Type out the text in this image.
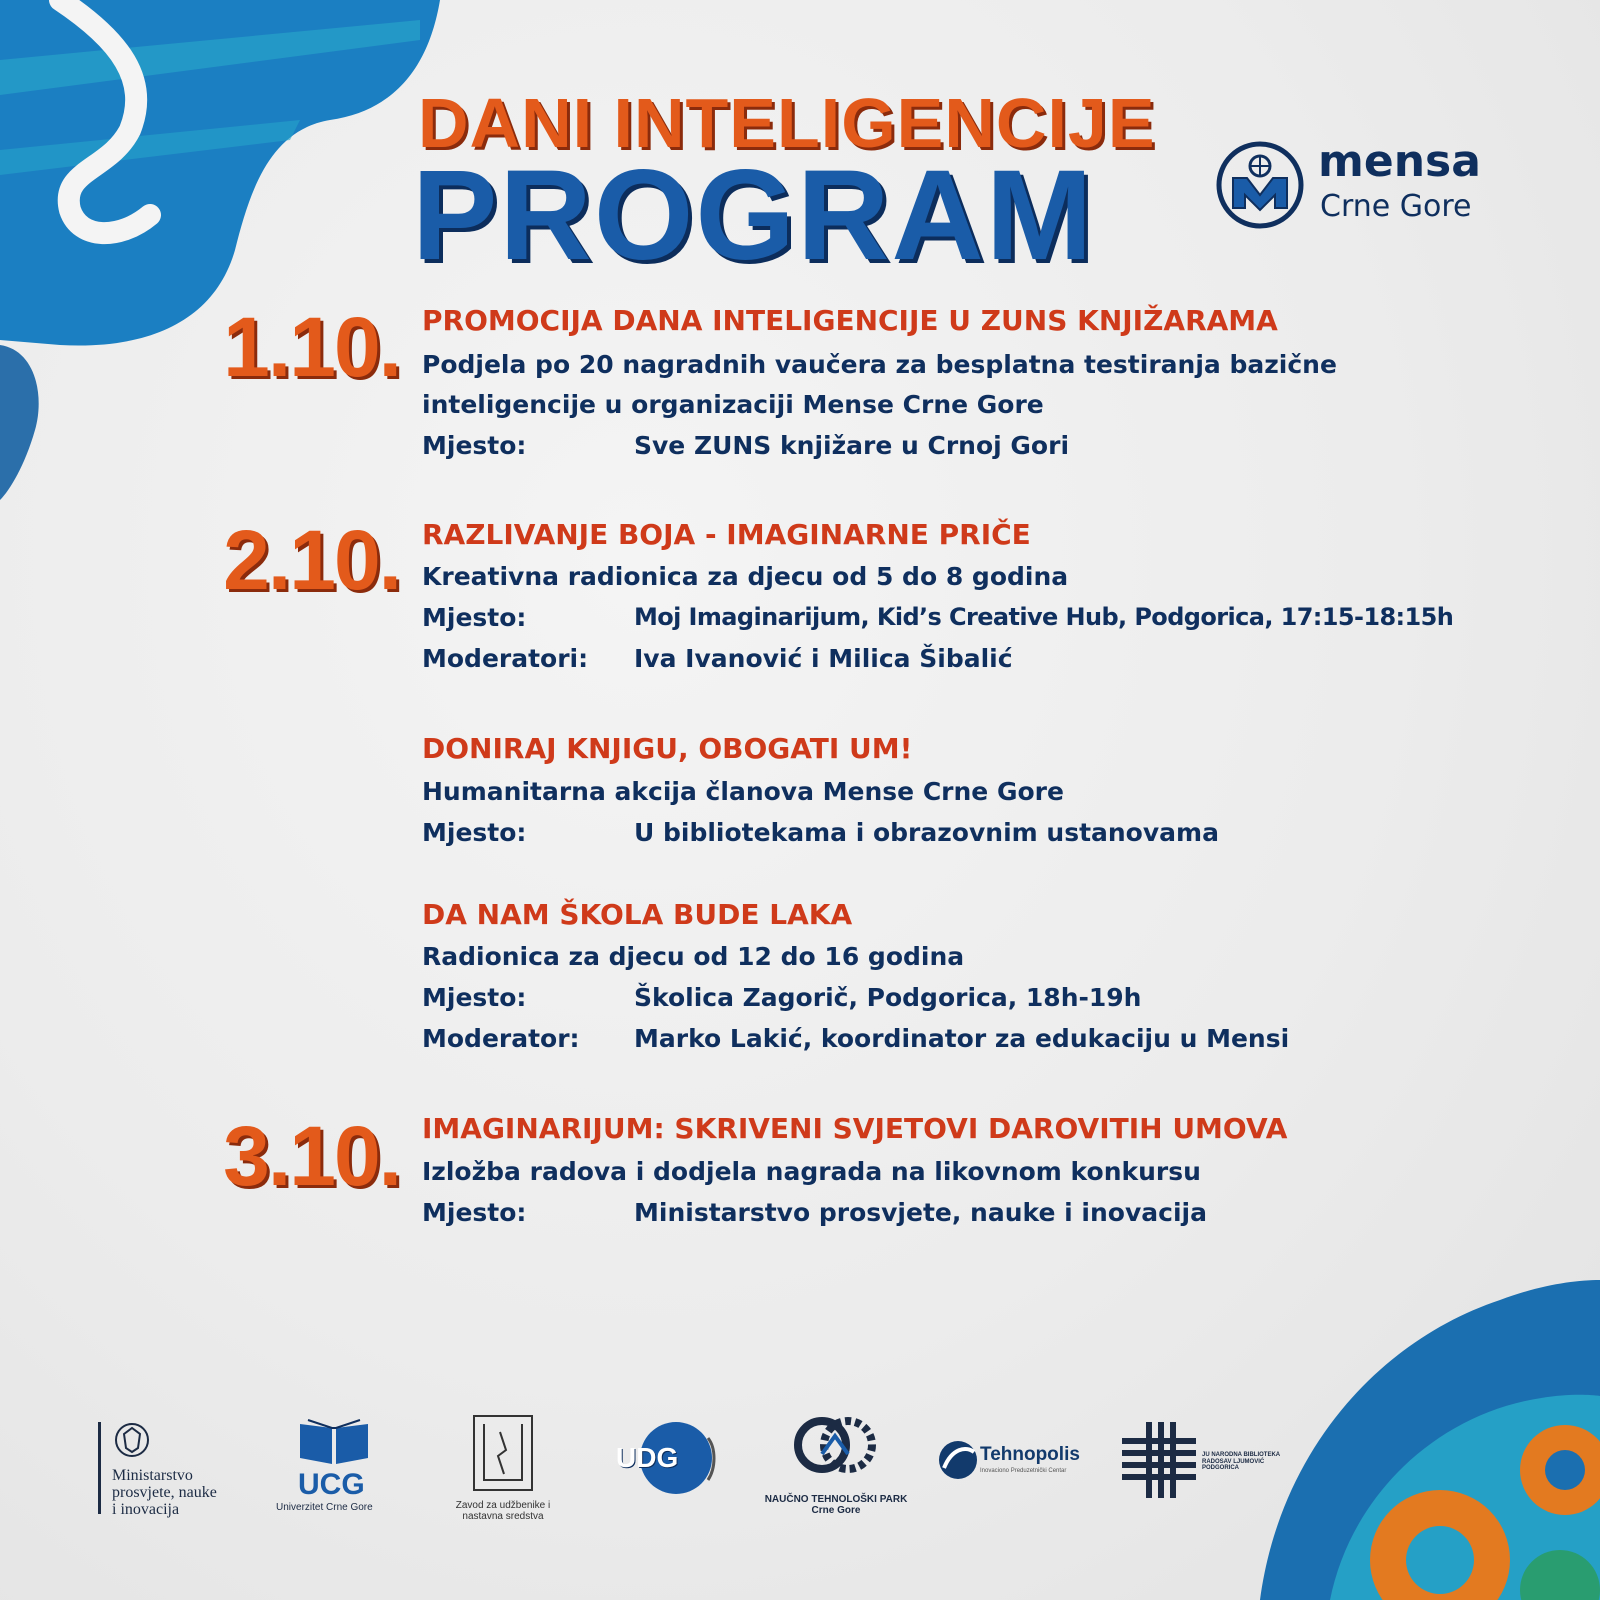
DANI INTELIGENCIJE
PROGRAM	mensa
Crne Gore
1.10. PROMOCIJA DANA INTELIGENCIJE U ZUNS KNJIŽARAMA
Podjela po 20 nagradnih vaučera za besplatna testiranja bazične
inteligencije u organizaciji Mense Crne Gore
Mjesto:	Sve ZUNS knjižare u Crnoj Gori
2.10. RAZLIVANJE BOJA - IMAGINARNE PRIČE
Kreativna radionica za djecu od 5 do 8 godina
Mjesto:	Moj Imaginarijum, Kid’s Creative Hub, Podgorica, 17:15-18:15h
Moderatori: Iva Ivanović i Milica Šibalić
DONIRAJ KNJIGU, OBOGATI UM!
Humanitarna akcija članova Mense Crne Gore
Mjesto:	U bibliotekama i obrazovnim ustanovama
DA NAM ŠKOLA BUDE LAKA
Radionica za djecu od 12 do 16 godina
Mjesto:	Školica Zagorič, Podgorica, 18h-19h
Moderator: Marko Lakić, koordinator za edukaciju u Mensi
3.10. IMAGINARIJUM: SKRIVENI SVJETOVI DAROVITIH UMOVA
Izložba radova i dodjela nagrada na likovnom konkursu
Mjesto:	Ministarstvo prosvjete, nauke i inovacija
Ministarstvo
prosvjete, nauke
i inovacija
UCG
Univerzitet Crne Gore	Zavod za udžbenike i
nastavna sredstva
UDG
NAUČNO TEHNOLOŠKI PARK
Crne Gore
Tehnopolis
Inovaciono Preduzetnički Centar
JU NARODNA BIBLIOTEKA
RADOSAV LJUMOVIĆ
PODGORICA
